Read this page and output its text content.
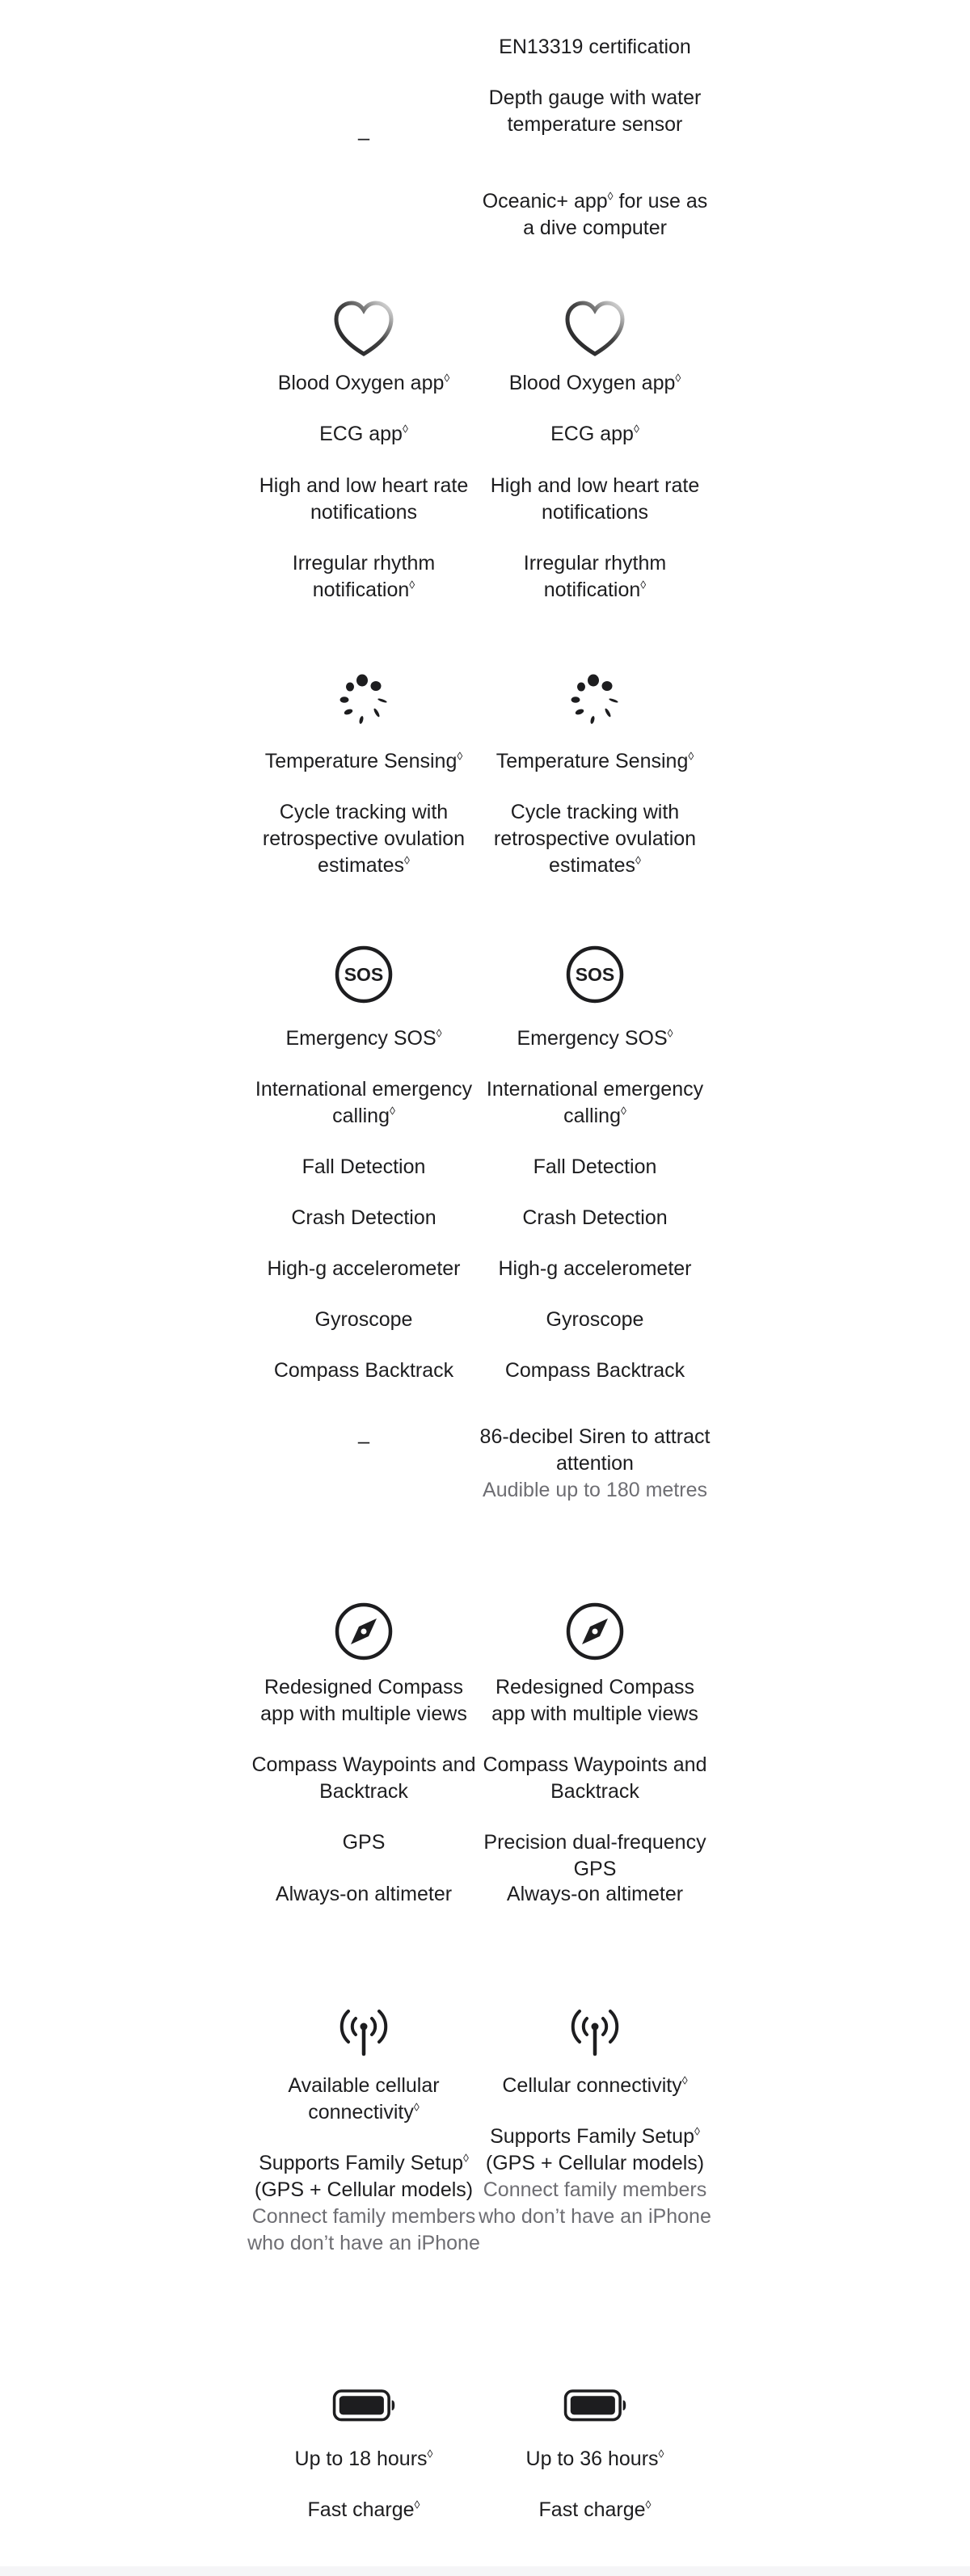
–

Blood Oxygen app◊

ECG app◊

High and low heart rate notifications

Irregular rhythm notification◊

Temperature Sensing◊

Cycle tracking with retrospective ovulation estimates◊

SOS

Emergency SOS◊

International emergency calling◊

Fall Detection

Crash Detection

High-g accelerometer

Gyroscope

Compass Backtrack

–

Redesigned Compass app with multiple views

Compass Waypoints and Backtrack

GPS

Always-on altimeter

Available cellular connectivity◊

Supports Family Setup◊ (GPS + Cellular models)
Connect family members who don’t have an iPhone

Up to 18 hours◊

Fast charge◊

EN13319 certification

Depth gauge with water temperature sensor

Oceanic+ app◊ for use as a dive computer

Blood Oxygen app◊

ECG app◊

High and low heart rate notifications

Irregular rhythm notification◊

Temperature Sensing◊

Cycle tracking with retrospective ovulation estimates◊

SOS

Emergency SOS◊

International emergency calling◊

Fall Detection

Crash Detection

High-g accelerometer

Gyroscope

Compass Backtrack

86-decibel Siren to attract attention
Audible up to 180 metres

Redesigned Compass app with multiple views

Compass Waypoints and Backtrack

Precision dual-frequency GPS

Always-on altimeter

Cellular connectivity◊

Supports Family Setup◊ (GPS + Cellular models)
Connect family members who don’t have an iPhone

Up to 36 hours◊

Fast charge◊
